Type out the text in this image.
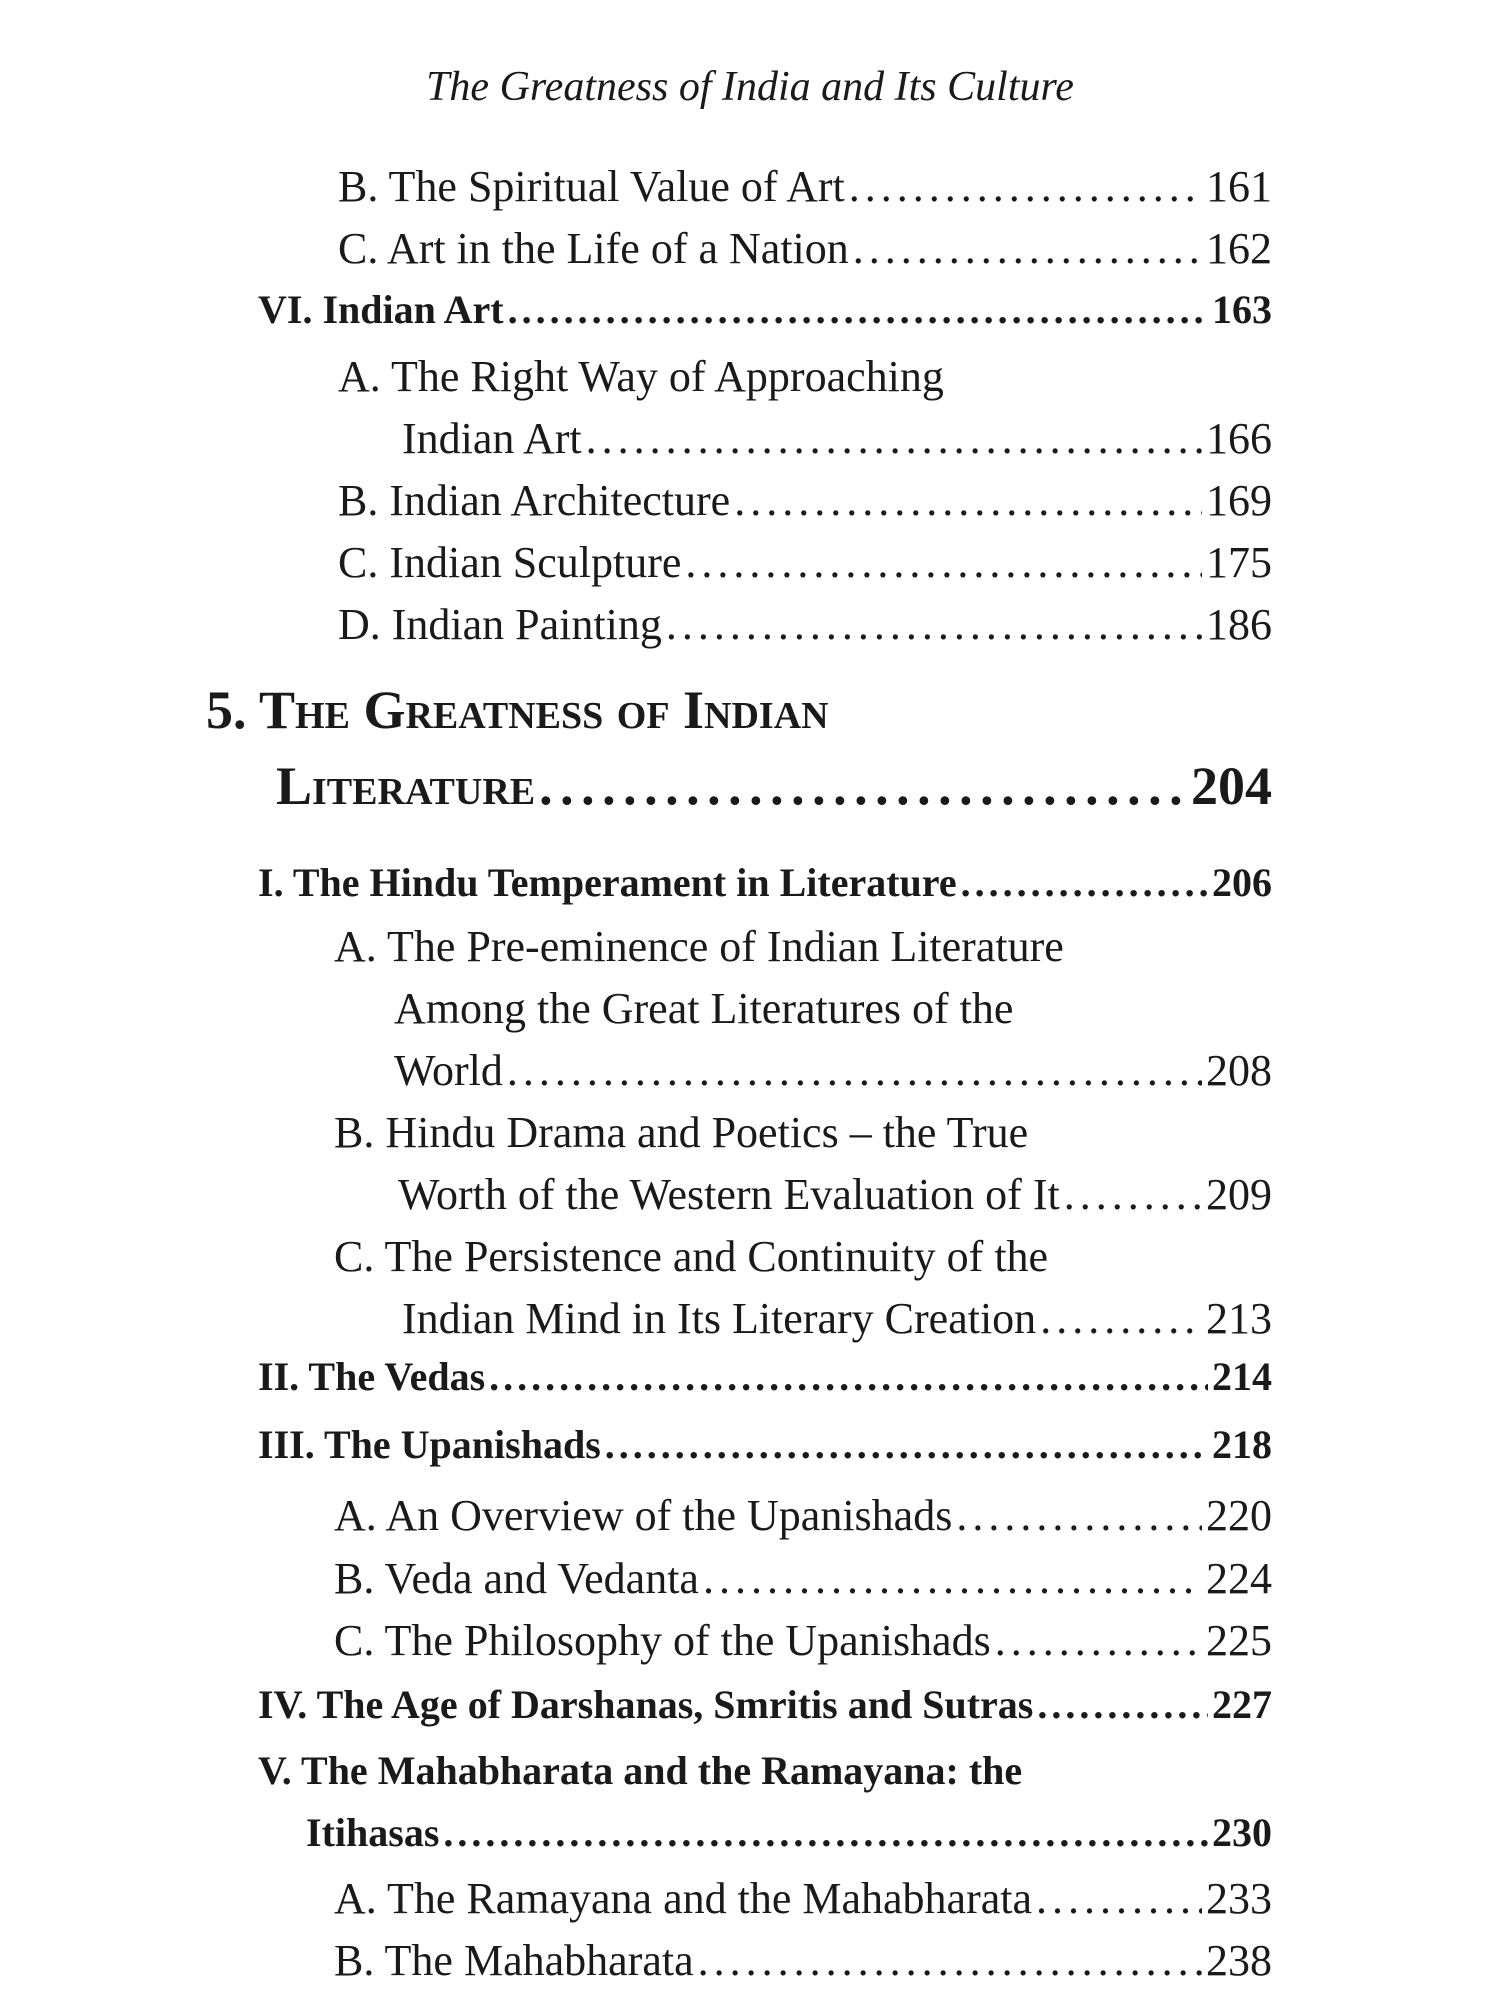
The Greatness of India and Its Culture
B. The Spiritual Value of Art . . .	161
C. Art in the Life of a Nation . . .	162
VI. Indian Art . . .	163
A. The Right Way of Approaching
Indian Art . . .	166
B. Indian Architecture . . .	169
C. Indian Sculpture . . .	175
D. Indian Painting . . .	186
5. The Greatness of Indian
Literature . . .	204
I. The Hindu Temperament in Literature . . .	206
A. The Pre-eminence of Indian Literature
Among the Great Literatures of the
World . . .	208
B. Hindu Drama and Poetics – the True
Worth of the Western Evaluation of It . . .	209
C. The Persistence and Continuity of the
Indian Mind in Its Literary Creation . . .	213
II. The Vedas . . .	214
III. The Upanishads . . .	218
A. An Overview of the Upanishads . . .	220
B. Veda and Vedanta . . .	224
C. The Philosophy of the Upanishads . . .	225
IV. The Age of Darshanas, Smritis and Sutras . . .	227
V. The Mahabharata and the Ramayana: the
Itihasas . . .	230
A. The Ramayana and the Mahabharata . . .	233
B. The Mahabharata . . .	238
